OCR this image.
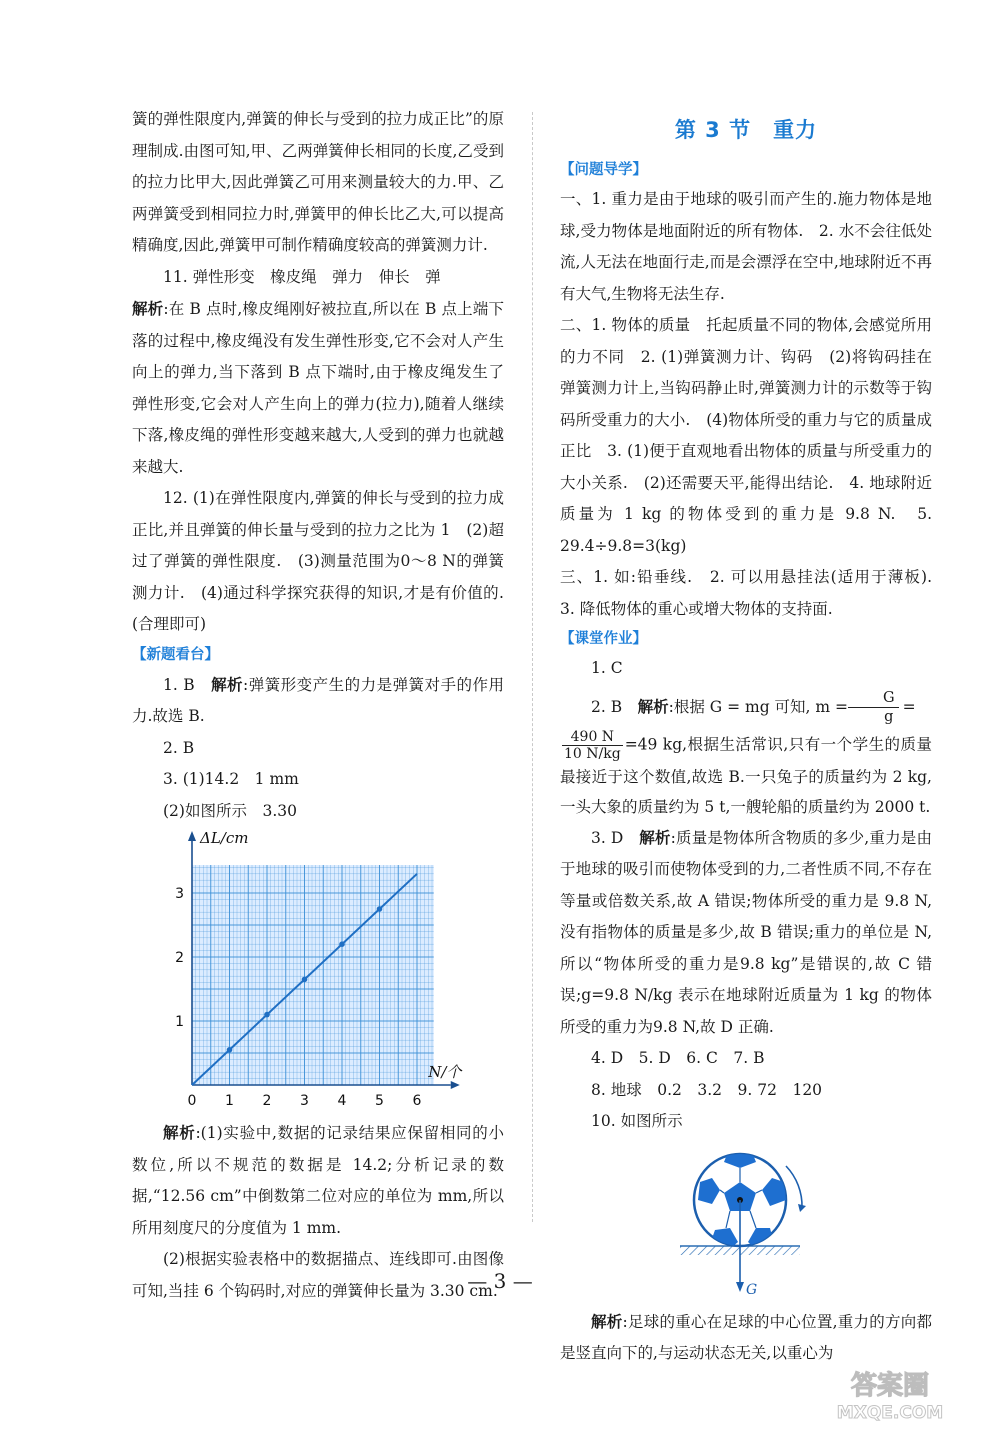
簧的弹性限度内,弹簧的伸长与受到的拉力成正比”的原理制成.由图可知,甲、乙两弹簧伸长相同的长度,乙受到的拉力比甲大,因此弹簧乙可用来测量较大的力.甲、乙两弹簧受到相同拉力时,弹簧甲的伸长比乙大,可以提高精确度,因此,弹簧甲可制作精确度较高的弹簧测力计.

11. 弹性形变　橡皮绳　弹力　伸长　弹

解析:在 B 点时,橡皮绳刚好被拉直,所以在 B 点上端下落的过程中,橡皮绳没有发生弹性形变,它不会对人产生向上的弹力,当下落到 B 点下端时,由于橡皮绳发生了弹性形变,它会对人产生向上的弹力(拉力),随着人继续下落,橡皮绳的弹性形变越来越大,人受到的弹力也就越来越大.

12. (1)在弹性限度内,弹簧的伸长与受到的拉力成正比,并且弹簧的伸长量与受到的拉力之比为 1　(2)超过了弹簧的弹性限度.　(3)测量范围为0～8 N的弹簧测力计.　(4)通过科学探究获得的知识,才是有价值的.(合理即可)

【新题看台】

1. B　 解析:弹簧形变产生的力是弹簧对手的作用力.故选 B.

2. B

3. (1)14.2　1 mm

(2)如图所示　3.30

0 1 2 3 4 5 6
1
2
3
ΔL/cm
N/个

解析:(1)实验中,数据的记录结果应保留相同的小数位,所以不规范的数据是 14.2;分析记录的数据,“12.56 cm”中倒数第二位对应的单位为 mm,所以所用刻度尺的分度值为 1 mm.

(2)根据实验表格中的数据描点、连线即可.由图像可知,当挂 6 个钩码时,对应的弹簧伸长量为 3.30 cm.

第 3 节 重力
【问题导学】

一、1. 重力是由于地球的吸引而产生的.施力物体是地球,受力物体是地面附近的所有物体.　2. 水不会往低处流,人无法在地面行走,而是会漂浮在空中,地球附近不再有大气,生物将无法生存.

二、1. 物体的质量　托起质量不同的物体,会感觉所用的力不同　2. (1)弹簧测力计、钩码　(2)将钩码挂在弹簧测力计上,当钩码静止时,弹簧测力计的示数等于钩码所受重力的大小.　(4)物体所受的重力与它的质量成正比　3. (1)便于直观地看出物体的质量与所受重力的大小关系.　(2)还需要天平,能得出结论.　4. 地球附近质量为 1 kg 的物体受到的重力是 9.8 N.　5. 29.4÷9.8=3(kg)

三、1. 如:铅垂线.　2. 可以用悬挂法(适用于薄板).　3. 降低物体的重心或增大物体的支持面.

【课堂作业】

1. C

2. B　解析:根据 G = mg 可知, $m = \frac{G}{g}$ =

$\frac{490 N}{10 N/kg} =49$ kg,根据生活常识,只有一个学生的质量最接近于这个数值,故选 B.一只兔子的质量约为 2 kg,一头大象的质量约为 5 t,一艘轮船的质量约为 2000 t.

3. D　解析:质量是物体所含物质的多少,重力是由于地球的吸引而使物体受到的力,二者性质不同,不存在等量或倍数关系,故 A 错误;物体所受的重力是 9.8 N,没有指物体的质量是多少,故 B 错误;重力的单位是 N,所以“物体所受的重力是9.8 kg”是错误的,故 C 错误;g=9.8 N/kg 表示在地球附近质量为 1 kg 的物体所受的重力为9.8 N,故 D 正确.

4. D　5. D　6. C　7. B

8. 地球　0.2　3.2　9. 72　120

10. 如图所示

G

解析:足球的重心在足球的中心位置,重力的方向都是竖直向下的,与运动状态无关,以重心为

— 3 —
答案圈
MXQE.COM
